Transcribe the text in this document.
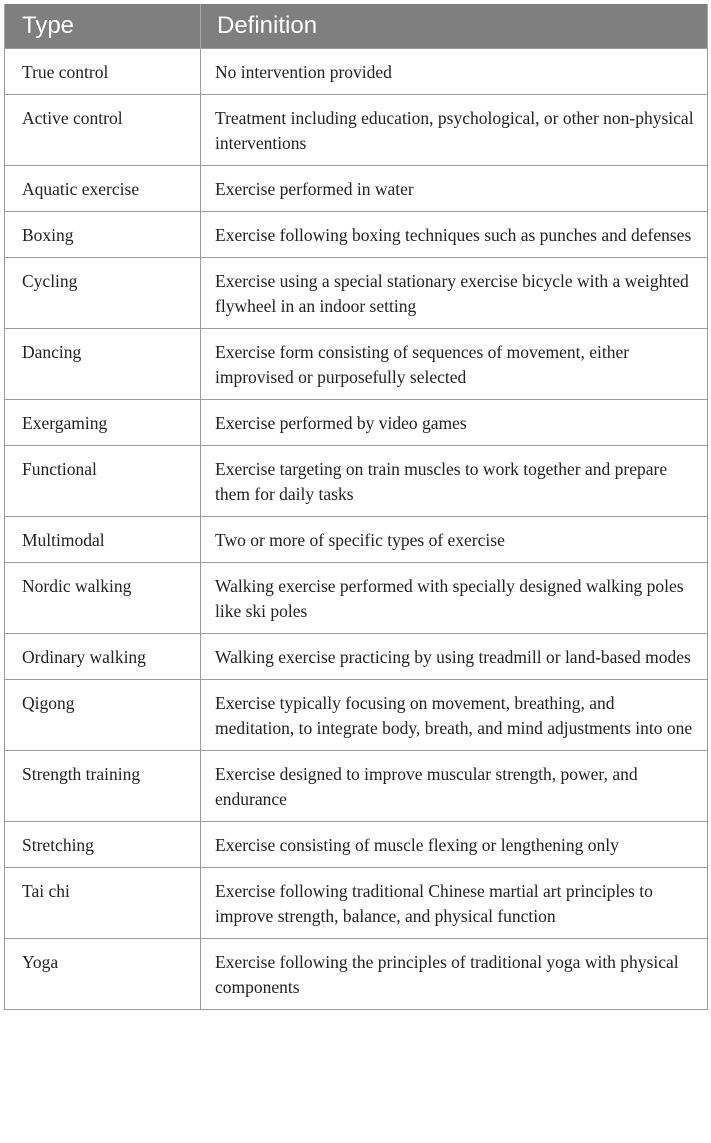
Type	Definition
True control	No intervention provided
Active control	Treatment including education, psychological, or other non-physical interventions
Aquatic exercise	Exercise performed in water
Boxing	Exercise following boxing techniques such as punches and defenses
Cycling	Exercise using a special stationary exercise bicycle with a weighted flywheel in an indoor setting
Dancing	Exercise form consisting of sequences of movement, either improvised or purposefully selected
Exergaming	Exercise performed by video games
Functional	Exercise targeting on train muscles to work together and prepare them for daily tasks
Multimodal	Two or more of specific types of exercise
Nordic walking	Walking exercise performed with specially designed walking poles like ski poles
Ordinary walking	Walking exercise practicing by using treadmill or land-based modes
Qigong	Exercise typically focusing on movement, breathing, and meditation, to integrate body, breath, and mind adjustments into one
Strength training	Exercise designed to improve muscular strength, power, and endurance
Stretching	Exercise consisting of muscle flexing or lengthening only
Tai chi	Exercise following traditional Chinese martial art principles to improve strength, balance, and physical function
Yoga	Exercise following the principles of traditional yoga with physical components
